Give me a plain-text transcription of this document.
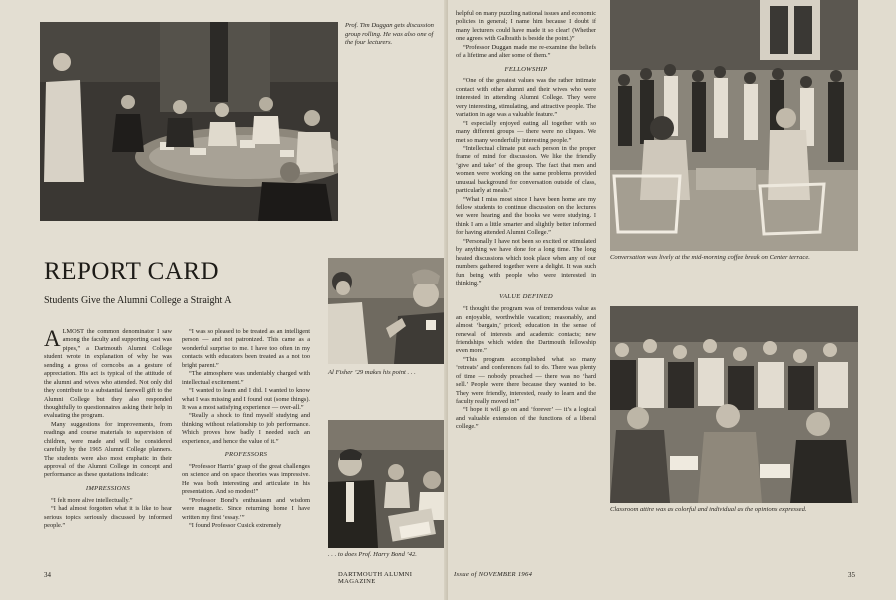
Prof. Tim Duggan gets discussion group rolling. He was also one of the four lecturers.

REPORT CARD

Students Give the Alumni College a Straight A

ALMOST the common denominator I saw among the faculty and supporting cast was pipes,” a Dartmouth Alumni College student wrote in explanation of why he was sending a gross of corncobs as a gesture of appreciation. His act is typical of the attitude of the alumni and wives who attended. Not only did they contribute to a substantial farewell gift to the Alumni College but they also responded thoughtfully to questionnaires asking their help in evaluating the program.

Many suggestions for improvements, from readings and course materials to supervision of children, were made and will be considered carefully by the 1965 Alumni College planners. The students were also most emphatic in their approval of the Alumni College in concept and performance as these quotations indicate:

IMPRESSIONS

“I felt more alive intellectually.”

“I had almost forgotten what it is like to hear serious topics seriously discussed by informed people.”

“I was so pleased to be treated as an intelligent person — and not patronized. This came as a wonderful surprise to me. I have too often in my contacts with educators been treated as a not too bright parent.”

“The atmosphere was undeniably charged with intellectual excitement.”

“I wanted to learn and I did. I wanted to know what I was missing and I found out (some things). It was a most satisfying experience — over-all.”

“Really a shock to find myself studying and thinking without relationship to job performance. Which proves how badly I needed such an experience, and hence the value of it.”

PROFESSORS

“Professor Harris’ grasp of the great challenges on science and on space theories was impressive. He was both interesting and articulate in his presentation. And so modest!”

“Professor Bond’s enthusiasm and wisdom were magnetic. Since returning home I have written my first ‘essay.’”

“I found Professor Cusick extremely

Al Fisher ’29 makes his point . . .

. . . to does Prof. Harry Bond ’42.

34	DARTMOUTH ALUMNI MAGAZINE

helpful on many puzzling national issues and economic policies in general; I name him because I doubt if many lecturers could have made it so clear! (Whether one agrees with Galbraith is beside the point.)”

“Professor Duggan made me re-examine the beliefs of a lifetime and alter some of them.”

FELLOWSHIP

“One of the greatest values was the rather intimate contact with other alumni and their wives who were interested in attending Alumni College. They were very interesting, stimulating, and attractive people. The variation in age was a valuable feature.”

“I especially enjoyed eating all together with so many different groups — there were no cliques. We met so many wonderfully interesting people.”

“Intellectual climate put each person in the proper frame of mind for discussion. We like the friendly ‘give and take’ of the group. The fact that men and women were working on the same problems provided unusual background for conversation outside of class, particularly at meals.”

“What I miss most since I have been home are my fellow students to continue discussion on the lectures we were hearing and the books we were studying. I think I am a little smarter and slightly better informed for having attended Alumni College.”

“Personally I have not been so excited or stimulated by anything we have done for a long time. The long heated discussions which took place when any of our numbers gathered together were a delight. It was such fun being with people who were interested in thinking.”

VALUE DEFINED

“I thought the program was of tremendous value as an enjoyable, worthwhile vacation; reasonably, and almost ‘bargain,’ priced; education in the sense of renewal of interests and academic contacts; new friendships which widen the Dartmouth fellowship even more.”

“This program accomplished what so many ‘retreats’ and conferences fail to do. There was plenty of time — nobody preached — there was no ‘hard sell.’ People were there because they wanted to be. They were friendly, interested, ready to learn and the faculty really moved in!”

“I hope it will go on and ‘forever’ — it’s a logical and valuable extension of the functions of a liberal college.”

Conversation was lively at the mid-morning coffee break on Center terrace.

Classroom attire was as colorful and individual as the opinions expressed.

Issue of NOVEMBER 1964	35
